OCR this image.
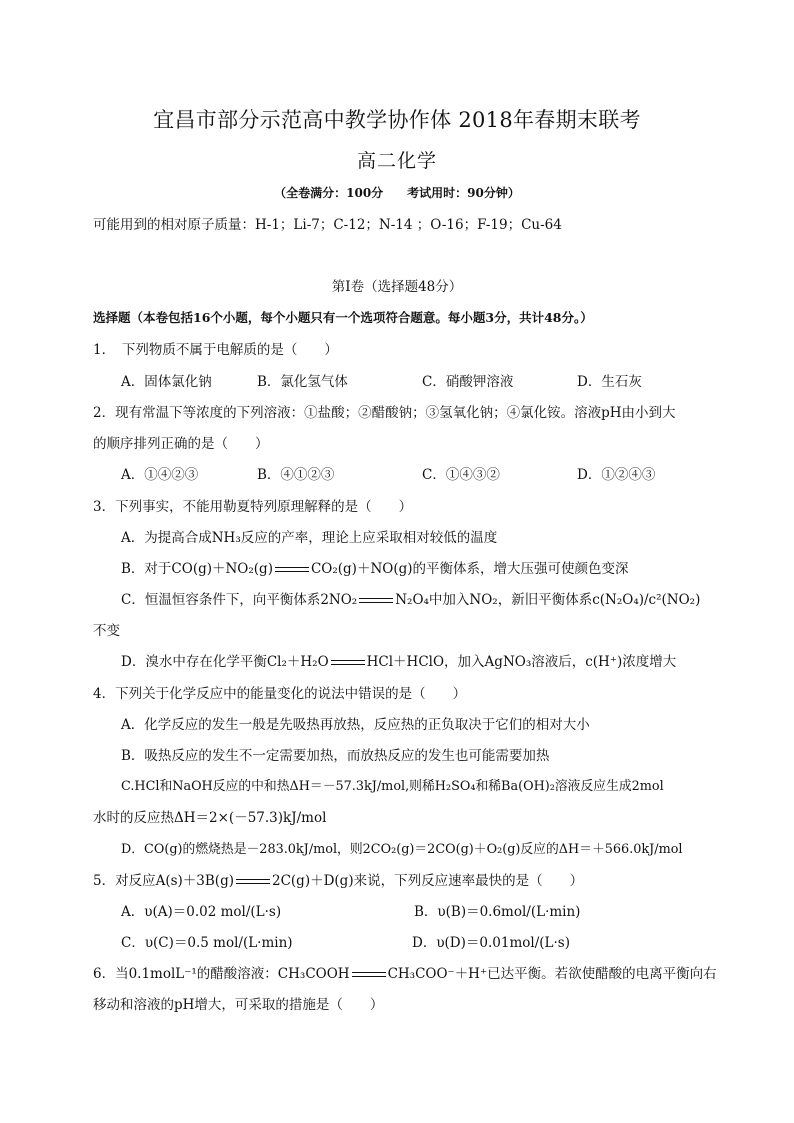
宜昌市部分示范高中教学协作体 2018年春期末联考
高二化学
（全卷满分：100分　　考试用时：90分钟）
可能用到的相对原子质量：H-1；Li-7；C-12；N-14 ；O-16；F-19；Cu-64
第I卷（选择题48分）
选择题（本卷包括16个小题，每个小题只有一个选项符合题意。每小题3分，共计48分。）
1．　下列物质不属于电解质的是（　　）
A．固体氯化钠	B．氯化氢气体	C．硝酸钾溶液	D．生石灰
2．现有常温下等浓度的下列溶液：①盐酸；②醋酸钠；③氢氧化钠；④氯化铵。溶液pH由小到大
的顺序排列正确的是（　　）
A．①④②③	B．④①②③	C．①④③②	D．①②④③
3．下列事实，不能用勒夏特列原理解释的是（　　）
A．为提高合成NH₃反应的产率，理论上应采取相对较低的温度
B．对于CO(g)＋NO₂(g)	CO₂(g)＋NO(g)的平衡体系，增大压强可使颜色变深
C．恒温恒容条件下，向平衡体系2NO₂	N₂O₄中加入NO₂，新旧平衡体系c(N₂O₄)/c²(NO₂)
不变
D．溴水中存在化学平衡Cl₂＋H₂O	HCl＋HClO，加入AgNO₃溶液后，c(H⁺)浓度增大
4．下列关于化学反应中的能量变化的说法中错误的是（　　）
A．化学反应的发生一般是先吸热再放热，反应热的正负取决于它们的相对大小
B．吸热反应的发生不一定需要加热，而放热反应的发生也可能需要加热
C.HCl和NaOH反应的中和热ΔH＝－57.3kJ/mol,则稀H₂SO₄和稀Ba(OH)₂溶液反应生成2mol
水时的反应热ΔH＝2×(－57.3)kJ/mol
D．CO(g)的燃烧热是－283.0kJ/mol，则2CO₂(g)＝2CO(g)＋O₂(g)反应的ΔH＝＋566.0kJ/mol
5．对反应A(s)＋3B(g)	2C(g)＋D(g)来说，下列反应速率最快的是（　　）
A．υ(A)＝0.02 mol/(L·s)	B．υ(B)＝0.6mol/(L·min)
C．υ(C)＝0.5 mol/(L·min)	D．υ(D)＝0.01mol/(L·s)
6．当0.1molL⁻¹的醋酸溶液：CH₃COOH	CH₃COO⁻＋H⁺已达平衡。若欲使醋酸的电离平衡向右
移动和溶液的pH增大，可采取的措施是（　　）
